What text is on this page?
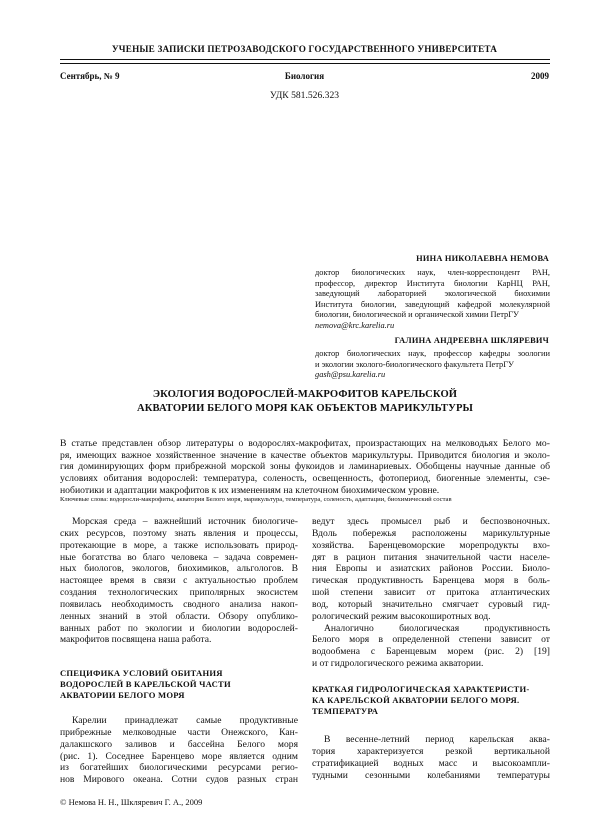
УЧЕНЫЕ ЗАПИСКИ ПЕТРОЗАВОДСКОГО ГОСУДАРСТВЕННОГО УНИВЕРСИТЕТА
Сентябрь, № 9	Биология	2009
УДК 581.526.323
НИНА НИКОЛАЕВНА НЕМОВА
доктор биологических наук, член-корреспондент РАН,
профессор, директор Института биологии КарНЦ РАН,
заведующий лабораторией экологической биохимии
Института биологии, заведующий кафедрой молекулярной
биологии, биологической и органической химии ПетрГУ
nemova@krc.karelia.ru
ГАЛИНА АНДРЕЕВНА ШКЛЯРЕВИЧ
доктор биологических наук, профессор кафедры зоологии
и экологии эколого-биологического факультета ПетрГУ
gash@psu.karelia.ru
ЭКОЛОГИЯ ВОДОРОСЛЕЙ-МАКРОФИТОВ КАРЕЛЬСКОЙ
АКВАТОРИИ БЕЛОГО МОРЯ КАК ОБЪЕКТОВ МАРИКУЛЬТУРЫ
В статье представлен обзор литературы о водорослях-макрофитах, произрастающих на мелководьях Белого мо-
ря, имеющих важное хозяйственное значение в качестве объектов марикультуры. Приводится биология и эколо-
гия доминирующих форм прибрежной морской зоны фукоидов и ламинариевых. Обобщены научные данные об
условиях обитания водорослей: температура, соленость, освещенность, фотопериод, биогенные элементы, сэе-
нобиотики и адаптации макрофитов к их изменениям на клеточном биохимическом уровне.
Ключевые слова: водоросли-макрофиты, акватория Белого моря, марикультура, температура, соленость, адаптации, биохимический состав
Морская среда – важнейший источник биологиче-
ских ресурсов, поэтому знать явления и процессы,
протекающие в море, а также использовать природ-
ные богатства во благо человека – задача современ-
ных биологов, экологов, биохимиков, альгологов. В
настоящее время в связи с актуальностью проблем
создания технологических приполярных экосистем
появилась необходимость сводного анализа накоп-
ленных знаний в этой области. Обзору опублико-
ванных работ по экологии и биологии водорослей-
макрофитов посвящена наша работа.
СПЕЦИФИКА УСЛОВИЙ ОБИТАНИЯ
ВОДОРОСЛЕЙ В КАРЕЛЬСКОЙ ЧАСТИ
АКВАТОРИИ БЕЛОГО МОРЯ
Карелии принадлежат самые продуктивные
прибрежные мелководные части Онежского, Кан-
далакшского заливов и бассейна Белого моря
(рис. 1). Соседнее Баренцево море является одним
из богатейших биологическими ресурсами регио-
нов Мирового океана. Сотни судов разных стран
ведут здесь промысел рыб и беспозвоночных.
Вдоль побережья расположены марикультурные
хозяйства. Баренцевоморские морепродукты вхо-
дят в рацион питания значительной части населе-
ния Европы и азиатских районов России. Биоло-
гическая продуктивность Баренцева моря в боль-
шой степени зависит от притока атлантических
вод, который значительно смягчает суровый гид-
рологический режим высокоширотных вод.
Аналогично биологическая продуктивность
Белого моря в определенной степени зависит от
водообмена с Баренцевым морем (рис. 2) [19]
и от гидрологического режима акватории.
КРАТКАЯ ГИДРОЛОГИЧЕСКАЯ ХАРАКТЕРИСТИ-
КА КАРЕЛЬСКОЙ АКВАТОРИИ БЕЛОГО МОРЯ.
ТЕМПЕРАТУРА
В весенне-летний период карельская аква-
тория характеризуется резкой вертикальной
стратификацией водных масс и высокоампли-
тудными сезонными колебаниями температуры
© Немова Н. Н., Шкляревич Г. А., 2009
